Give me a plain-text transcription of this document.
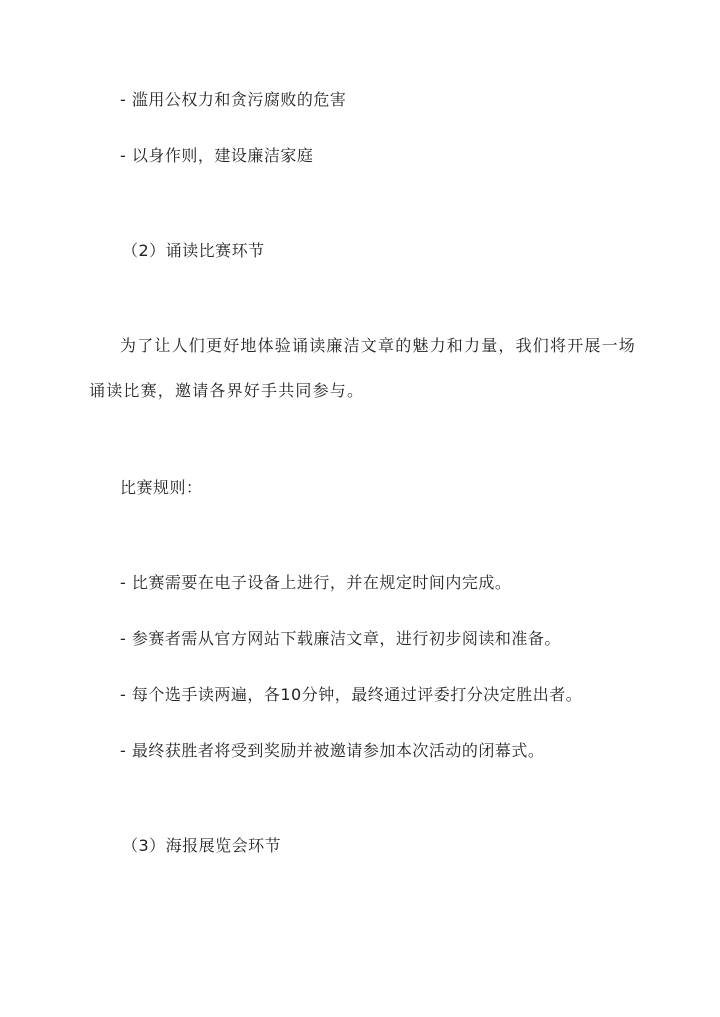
- 滥用公权力和贪污腐败的危害

- 以身作则，建设廉洁家庭

（2）诵读比赛环节

为了让人们更好地体验诵读廉洁文章的魅力和力量，我们将开展一场

诵读比赛，邀请各界好手共同参与。

比赛规则：

- 比赛需要在电子设备上进行，并在规定时间内完成。

- 参赛者需从官方网站下载廉洁文章，进行初步阅读和准备。

- 每个选手读两遍，各10分钟，最终通过评委打分决定胜出者。

- 最终获胜者将受到奖励并被邀请参加本次活动的闭幕式。

（3）海报展览会环节
